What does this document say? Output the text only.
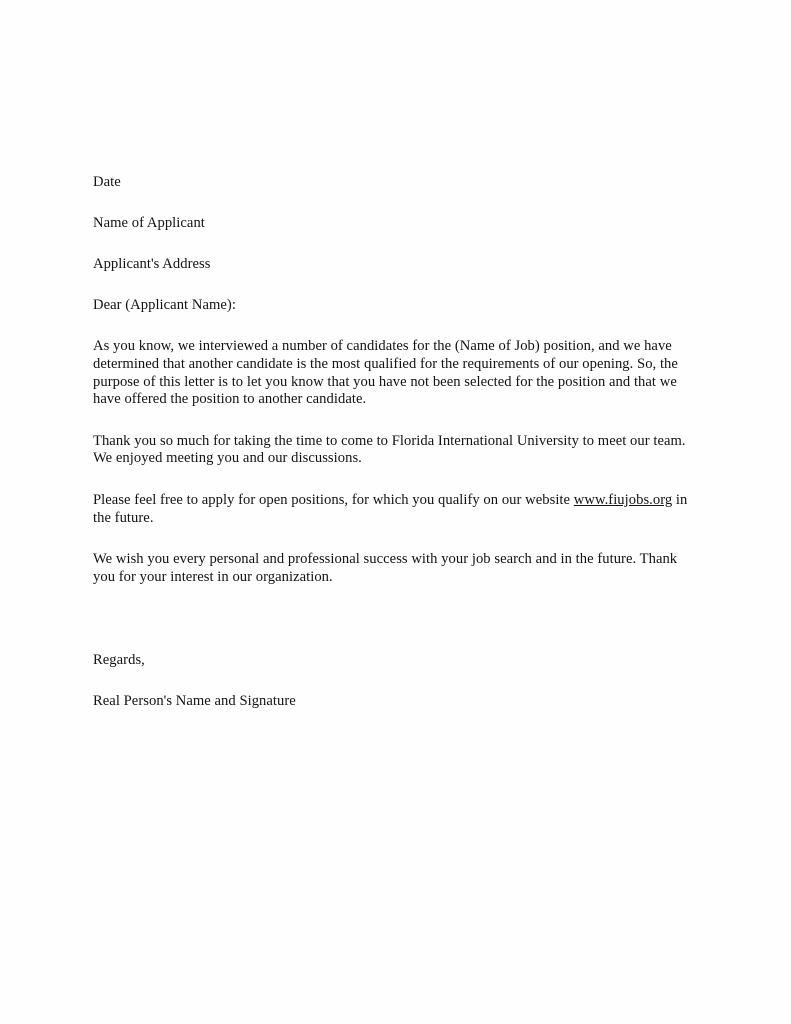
Date
Name of Applicant
Applicant's Address
Dear (Applicant Name):
As you know, we interviewed a number of candidates for the (Name of Job) position, and we have determined that another candidate is the most qualified for the requirements of our opening. So, the purpose of this letter is to let you know that you have not been selected for the position and that we have offered the position to another candidate.
Thank you so much for taking the time to come to Florida International University to meet our team. We enjoyed meeting you and our discussions.
Please feel free to apply for open positions, for which you qualify on our website www.fiujobs.org in the future.
We wish you every personal and professional success with your job search and in the future. Thank you for your interest in our organization.
Regards,
Real Person's Name and Signature
